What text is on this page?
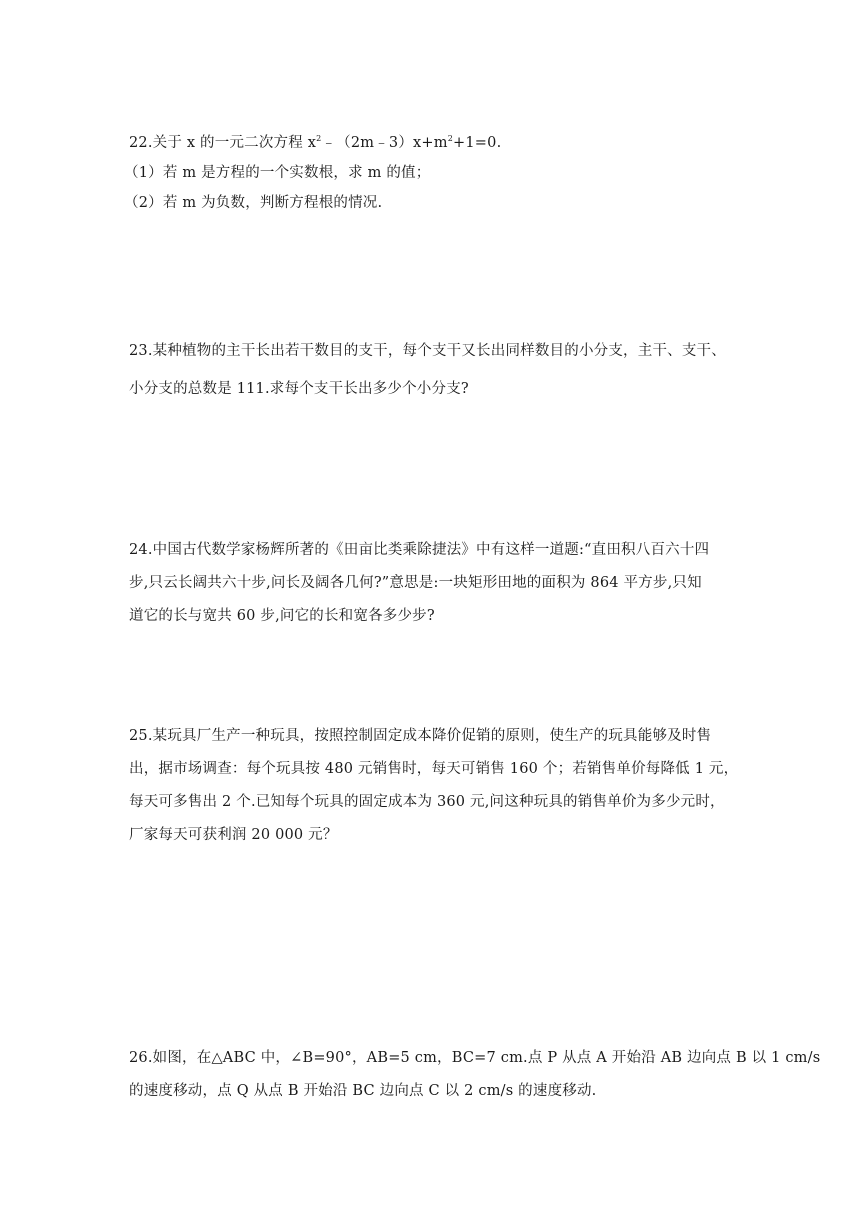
22.关于 x 的一元二次方程 $x^2﹣(2m﹣3)x+m^2+1=0$.
（1）若 m 是方程的一个实数根，求 m 的值；
（2）若 m 为负数，判断方程根的情况.
23.某种植物的主干长出若干数目的支干，每个支干又长出同样数目的小分支，主干、支干、
小分支的总数是 111.求每个支干长出多少个小分支?
24.中国古代数学家杨辉所著的《田亩比类乘除捷法》中有这样一道题:“直田积八百六十四
步,只云长阔共六十步,问长及阔各几何?”意思是:一块矩形田地的面积为 864 平方步,只知
道它的长与宽共 60 步,问它的长和宽各多少步?
25.某玩具厂生产一种玩具，按照控制固定成本降价促销的原则，使生产的玩具能够及时售
出，据市场调查：每个玩具按 480 元销售时，每天可销售 160 个；若销售单价每降低 1 元，
每天可多售出 2 个.已知每个玩具的固定成本为 360 元,问这种玩具的销售单价为多少元时，
厂家每天可获利润 20 000 元？
26.如图，在△ABC 中，∠B=90°，AB=5 cm，BC=7 cm.点 P 从点 A 开始沿 AB 边向点 B 以 1 cm/s
的速度移动，点 Q 从点 B 开始沿 BC 边向点 C 以 2 cm/s 的速度移动.
